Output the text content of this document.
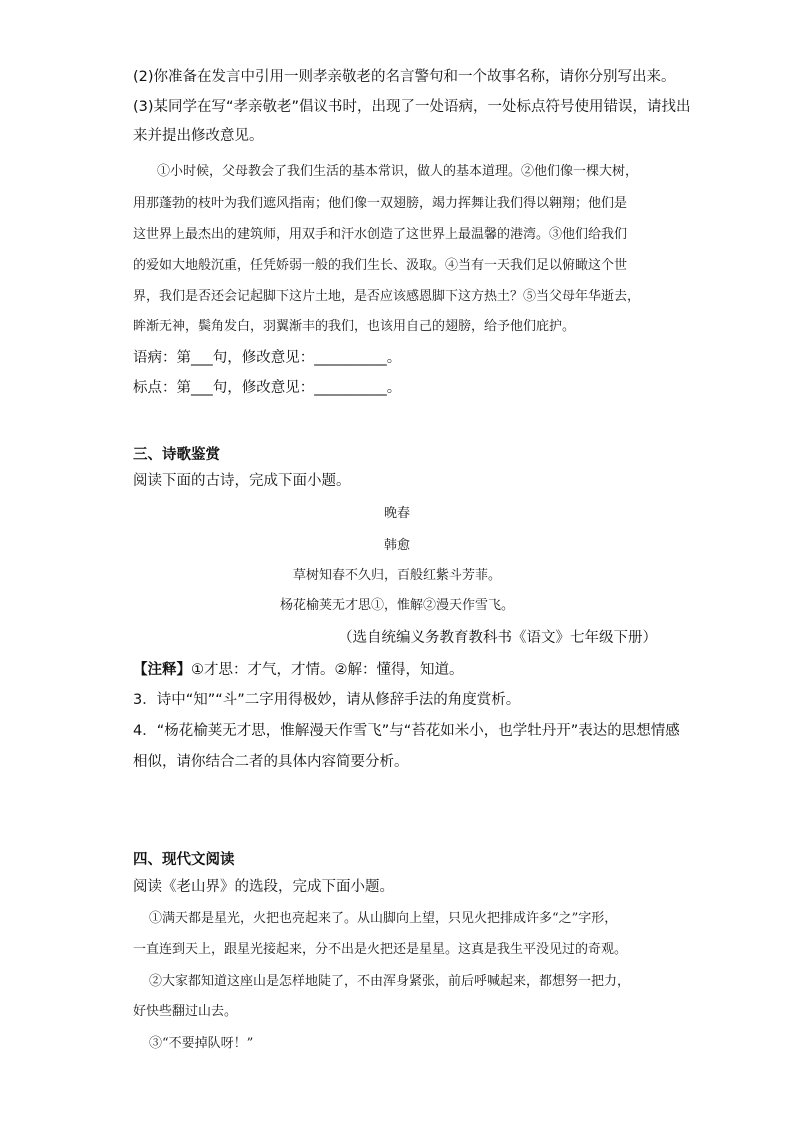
(2)你准备在发言中引用一则孝亲敬老的名言警句和一个故事名称，请你分别写出来。
(3)某同学在写“孝亲敬老”倡议书时，出现了一处语病，一处标点符号使用错误，请找出
来并提出修改意见。
①小时候，父母教会了我们生活的基本常识，做人的基本道理。②他们像一棵大树，
用那蓬勃的枝叶为我们遮风指南；他们像一双翅膀，竭力挥舞让我们得以翱翔；他们是
这世界上最杰出的建筑师，用双手和汗水创造了这世界上最温馨的港湾。③他们给我们
的爱如大地般沉重，任凭娇弱一般的我们生长、汲取。④当有一天我们足以俯瞰这个世
界，我们是否还会记起脚下这片土地，是否应该感恩脚下这方热土？⑤当父母年华逝去，
眸渐无神，鬓角发白，羽翼渐丰的我们，也该用自己的翅膀，给予他们庇护。
语病：第___句，修改意见：__________。
标点：第___句，修改意见：__________。
三、诗歌鉴赏
阅读下面的古诗，完成下面小题。
晚春
韩愈
草树知春不久归，百般红紫斗芳菲。
杨花榆荚无才思①，惟解②漫天作雪飞。
（选自统编义务教育教科书《语文》七年级下册）
【注释】①才思：才气，才情。②解：懂得，知道。
3．诗中“知”“斗”二字用得极妙，请从修辞手法的角度赏析。
4．“杨花榆荚无才思，惟解漫天作雪飞”与“苔花如米小，也学牡丹开”表达的思想情感
相似，请你结合二者的具体内容简要分析。
四、现代文阅读
阅读《老山界》的选段，完成下面小题。
①满天都是星光，火把也亮起来了。从山脚向上望，只见火把排成许多“之”字形，
一直连到天上，跟星光接起来，分不出是火把还是星星。这真是我生平没见过的奇观。
②大家都知道这座山是怎样地陡了，不由浑身紧张，前后呼喊起来，都想努一把力，
好快些翻过山去。
③“不要掉队呀！”
